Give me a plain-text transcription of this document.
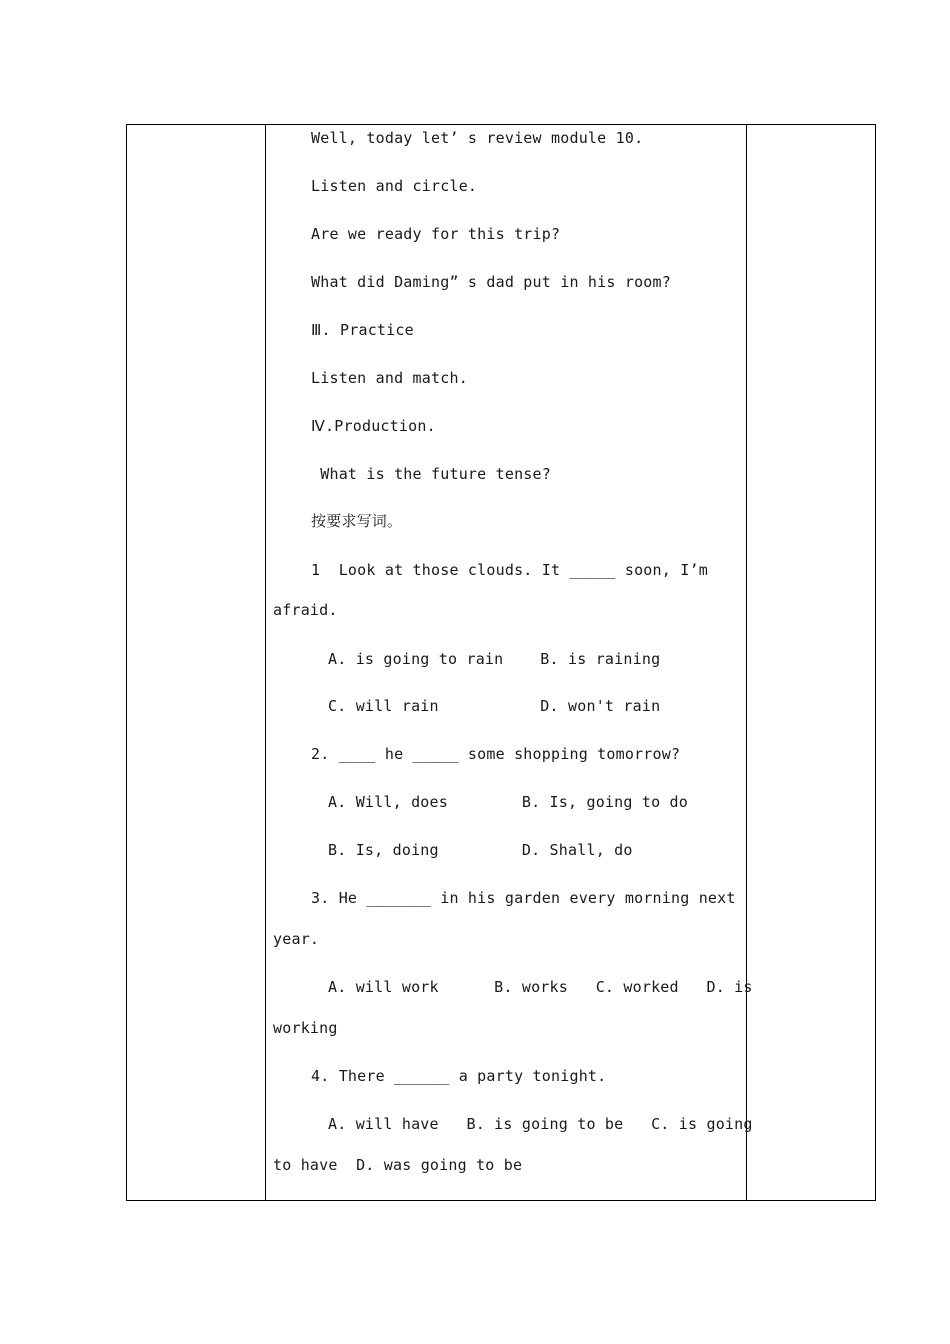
Well, today let’ s review module 10.
Listen and circle.
Are we ready for this trip?
What did Daming” s dad put in his room?
Ⅲ. Practice
Listen and match.
Ⅳ.Production.
What is the future tense?
按要求写词。
1  Look at those clouds. It _____ soon, I’m
afraid.
A. is going to rain    B. is raining
C. will rain           D. won't rain
2. ____ he _____ some shopping tomorrow?
A. Will, does        B. Is, going to do
B. Is, doing         D. Shall, do
3. He _______ in his garden every morning next
year.
A. will work      B. works   C. worked   D. is
working
4. There ______ a party tonight.
A. will have   B. is going to be   C. is going
to have  D. was going to be
